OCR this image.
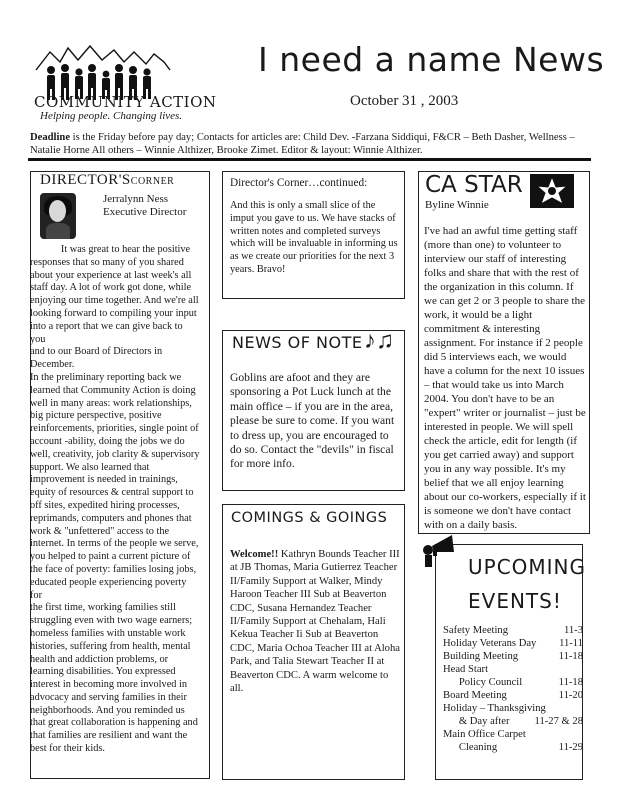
COMMUNITY ACTION
Helping people. Changing lives.
I need a name News
October 31 , 2003
Deadline is the Friday before pay day; Contacts for articles are: Child Dev. -Farzana Siddiqui, F&CR – Beth Dasher, Wellness – Natalie Horne All others – Winnie Althizer, Brooke Zimet. Editor & layout: Winnie Althizer.
DIRECTOR'SCORNER
Jerralynn Ness
Executive Director
It was great to hear the positive
responses that so many of you shared
about your experience at last week's all
staff day. A lot of work got done, while
enjoying our time together. And we're all
looking forward to compiling your input
into a report that we can give back to you
and to our Board of Directors in
December.
In the preliminary reporting back we
learned that Community Action is doing
well in many areas: work relationships,
big picture perspective, positive
reinforcements, priorities, single point of
account -ability, doing the jobs we do
well, creativity, job clarity & supervisory
support. We also learned that
improvement is needed in trainings,
equity of resources & central support to
off sites, expedited hiring processes,
reprimands, computers and phones that
work & "unfettered" access to the
internet. In terms of the people we serve,
you helped to paint a current picture of
the face of poverty: families losing jobs,
educated people experiencing poverty for
the first time, working families still
struggling even with two wage earners;
homeless families with unstable work
histories, suffering from health, mental
health and addiction problems, or
learning disabilities. You expressed
interest in becoming more involved in
advocacy and serving families in their
neighborhoods. And you reminded us
that great collaboration is happening and
that families are resilient and want the
best for their kids.
Director's Corner…continued:
And this is only a small slice of the imput you gave to us. We have stacks of written notes and completed surveys which will be invaluable in informing us as we create our priorities for the next 3 years. Bravo!
NEWS OF NOTE ♪♫
Goblins are afoot and they are sponsoring a Pot Luck lunch at the main office – if you are in the area, please be sure to come. If you want to dress up, you are encouraged to do so. Contact the "devils" in fiscal for more info.
COMINGS & GOINGS
Welcome!! Kathryn Bounds Teacher III at JB Thomas, Maria Gutierrez Teacher II/Family Support at Walker, Mindy Haroon Teacher III Sub at Beaverton CDC, Susana Hernandez Teacher II/Family Support at Chehalam, Hali Kekua Teacher Ii Sub at Beaverton CDC, Maria Ochoa Teacher III at Aloha Park, and Talia Stewart Teacher II at Beaverton CDC. A warm welcome to all.
CA STAR
Byline Winnie
I've had an awful time getting staff (more than one) to volunteer to interview our staff of interesting folks and share that with the rest of the organization in this column. If we can get 2 or 3 people to share the work, it would be a light commitment & interesting assignment. For instance if 2 people did 5 interviews each, we would have a column for the next 10 issues – that would take us into March 2004. You don't have to be an "expert" writer or journalist – just be interested in people. We will spell check the article, edit for length (if you get carried away) and support you in any way possible. It's my belief that we all enjoy learning about our co-workers, especially if it is someone we don't have contact with on a daily basis.
UPCOMING
EVENTS!
Safety Meeting	11-3
Holiday Veterans Day 11-11
Building Meeting	11-18
Head Start
Policy Council	11-18
Board Meeting	11-20
Holiday – Thanksgiving
& Day after 11-27 & 28
Main Office Carpet
Cleaning	11-29
